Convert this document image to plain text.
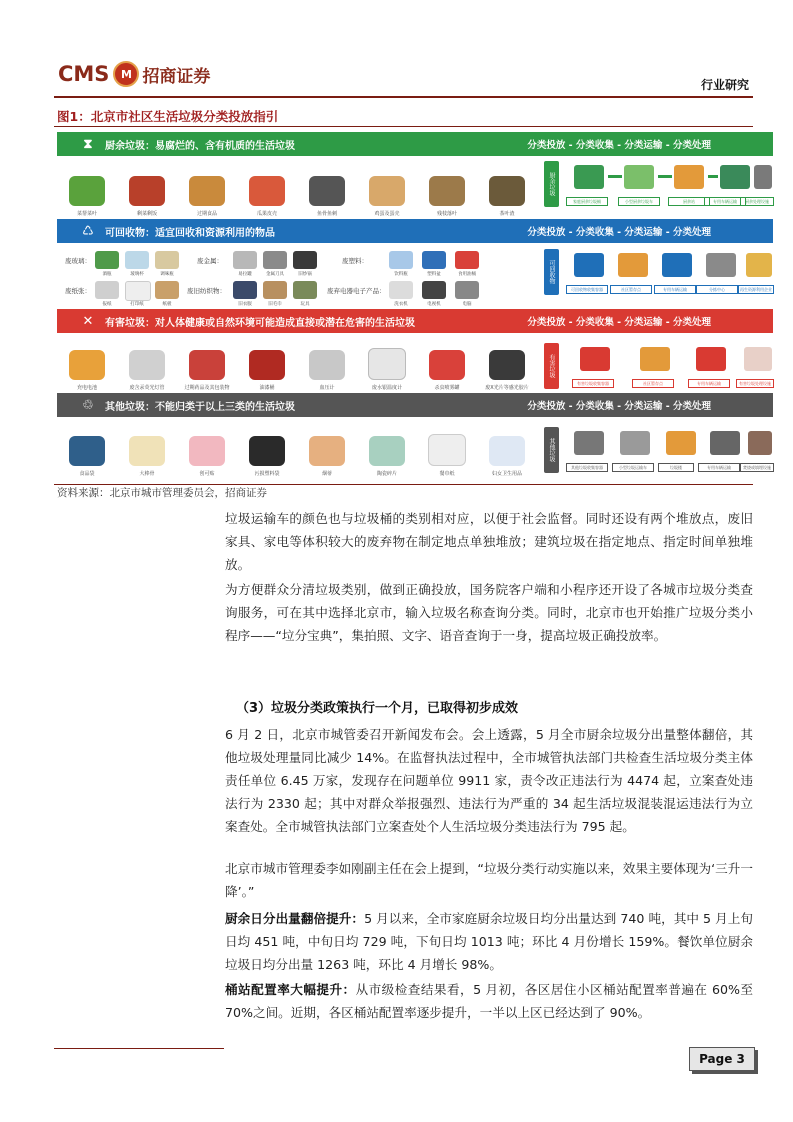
CMS	M 招商证券	行业研究
图1：北京市社区生活垃圾分类投放指引
⧗	厨余垃圾：易腐烂的、含有机质的生活垃圾	分类投放 - 分类收集 - 分类运输 - 分类处理
菜帮菜叶	剩菜剩饭	过期食品	瓜果皮壳	鱼骨鱼刺	鸡蛋及蛋壳	残枝落叶	茶叶渣
厨余垃圾
家庭厨余垃圾桶	小型厨余垃圾车	厨余站	专用车辆运输	厨余处理设施
♺	可回收物：适宜回收和资源利用的物品	分类投放 - 分类收集 - 分类运输 - 分类处理
废玻璃：
酒瓶	玻璃杯	调味瓶
废金属：
易拉罐	金属刀具	旧炒锅
废塑料：
饮料瓶	塑料盆	食用油桶
废纸张：
报纸	打印纸	纸板
废旧纺织物：
旧衣服	旧毛巾	玩具
废弃电器电子产品：
洗衣机	电视机	电脑
可回收物
可回收物收集容器	社区暂存点	专用车辆运输	分拣中心	再生资源利用企业
✕	有害垃圾：对人体健康或自然环境可能造成直接或潜在危害的生活垃圾	分类投放 - 分类收集 - 分类运输 - 分类处理
充电电池	废含汞荧光灯管	过期药品及其包装物	油漆桶	血压计	废水银温度计	杀虫喷雾罐	废X光片等感光胶片
有害垃圾
有害垃圾收集容器	社区暂存点	专用车辆运输	有害垃圾处理设施
♲	其他垃圾：不能归类于以上三类的生活垃圾	分类投放 - 分类收集 - 分类运输 - 分类处理
食品袋	大棒骨	创可贴	污损塑料袋	烟蒂	陶瓷碎片	餐巾纸	妇女卫生用品
其他垃圾
其他垃圾收集容器	小型垃圾运输车	垃圾楼	专用车辆运输	焚烧或填埋设施
资料来源：北京市城市管理委员会，招商证券

垃圾运输车的颜色也与垃圾桶的类别相对应，以便于社会监督。同时还设有两个堆放点，废旧家具、家电等体积较大的废弃物在制定地点单独堆放；建筑垃圾在指定地点、指定时间单独堆放。

为方便群众分清垃圾类别，做到正确投放，国务院客户端和小程序还开设了各城市垃圾分类查询服务，可在其中选择北京市，输入垃圾名称查询分类。同时，北京市也开始推广垃圾分类小程序——“垃分宝典”，集拍照、文字、语音查询于一身，提高垃圾正确投放率。

（3）垃圾分类政策执行一个月，已取得初步成效

6 月 2 日，北京市城管委召开新闻发布会。会上透露，5 月全市厨余垃圾分出量整体翻倍，其他垃圾处理量同比减少 14%。在监督执法过程中，全市城管执法部门共检查生活垃圾分类主体责任单位 6.45 万家，发现存在问题单位 9911 家，责令改正违法行为 4474 起，立案查处违法行为 2330 起；其中对群众举报强烈、违法行为严重的 34 起生活垃圾混装混运违法行为立案查处。全市城管执法部门立案查处个人生活垃圾分类违法行为 795 起。

北京市城市管理委李如刚副主任在会上提到，“垃圾分类行动实施以来，效果主要体现为‘三升一降’。”

厨余日分出量翻倍提升：5 月以来，全市家庭厨余垃圾日均分出量达到 740 吨，其中 5 月上旬日均 451 吨，中旬日均 729 吨，下旬日均 1013 吨；环比 4 月份增长 159%。餐饮单位厨余垃圾日均分出量 1263 吨，环比 4 月增长 98%。

桶站配置率大幅提升：从市级检查结果看，5 月初，各区居住小区桶站配置率普遍在 60%至 70%之间。近期，各区桶站配置率逐步提升，一半以上区已经达到了 90%。

Page 3
